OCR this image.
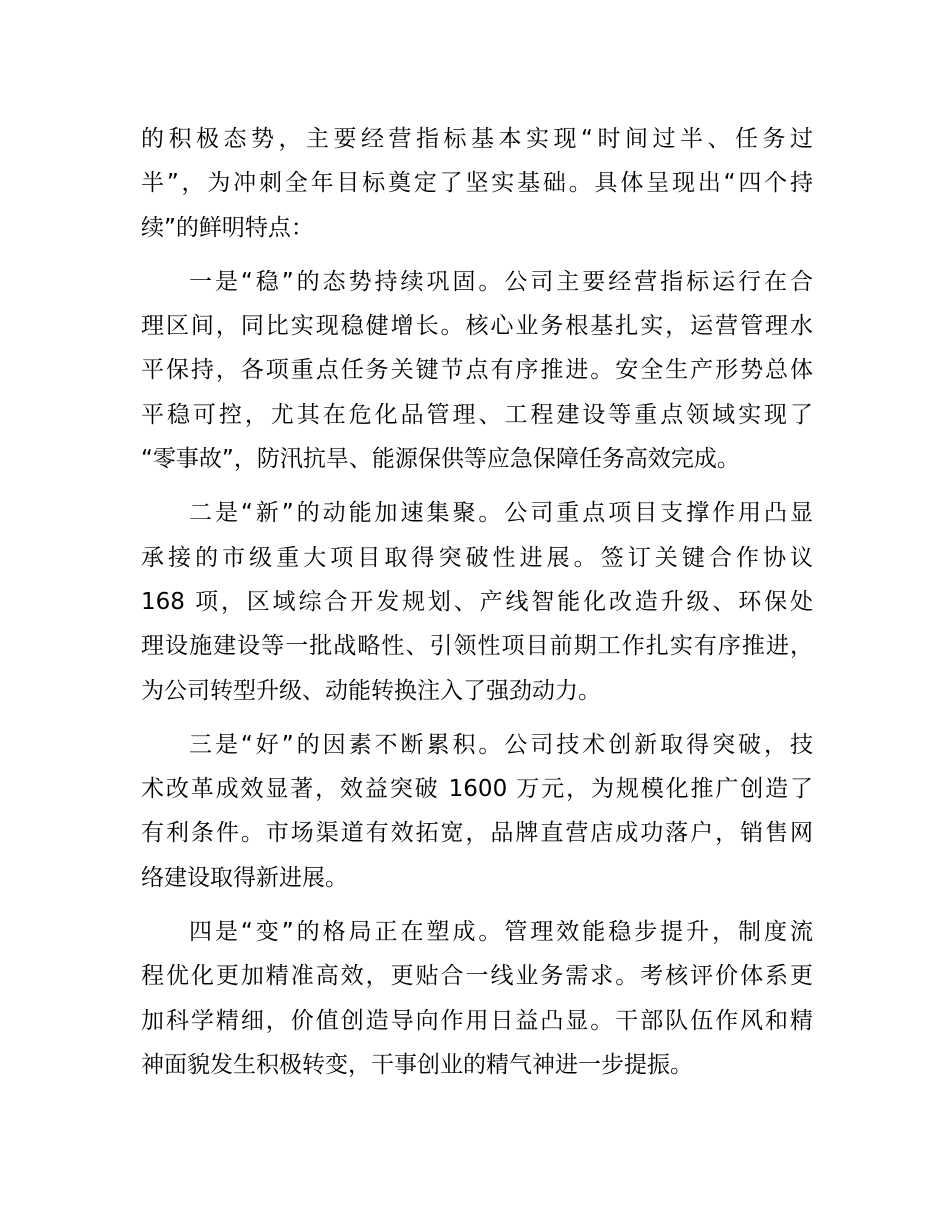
的积极态势，主要经营指标基本实现“时间过半、任务过
半”，为冲刺全年目标奠定了坚实基础。具体呈现出“四个持
续”的鲜明特点：
一是“稳”的态势持续巩固。公司主要经营指标运行在合
理区间，同比实现稳健增长。核心业务根基扎实，运营管理水
平保持，各项重点任务关键节点有序推进。安全生产形势总体
平稳可控，尤其在危化品管理、工程建设等重点领域实现了
“零事故”，防汛抗旱、能源保供等应急保障任务高效完成。
二是“新”的动能加速集聚。公司重点项目支撑作用凸显
承接的市级重大项目取得突破性进展。签订关键合作协议
168 项，区域综合开发规划、产线智能化改造升级、环保处
理设施建设等一批战略性、引领性项目前期工作扎实有序推进，
为公司转型升级、动能转换注入了强劲动力。
三是“好”的因素不断累积。公司技术创新取得突破，技
术改革成效显著，效益突破 1600 万元，为规模化推广创造了
有利条件。市场渠道有效拓宽，品牌直营店成功落户，销售网
络建设取得新进展。
四是“变”的格局正在塑成。管理效能稳步提升，制度流
程优化更加精准高效，更贴合一线业务需求。考核评价体系更
加科学精细，价值创造导向作用日益凸显。干部队伍作风和精
神面貌发生积极转变，干事创业的精气神进一步提振。
